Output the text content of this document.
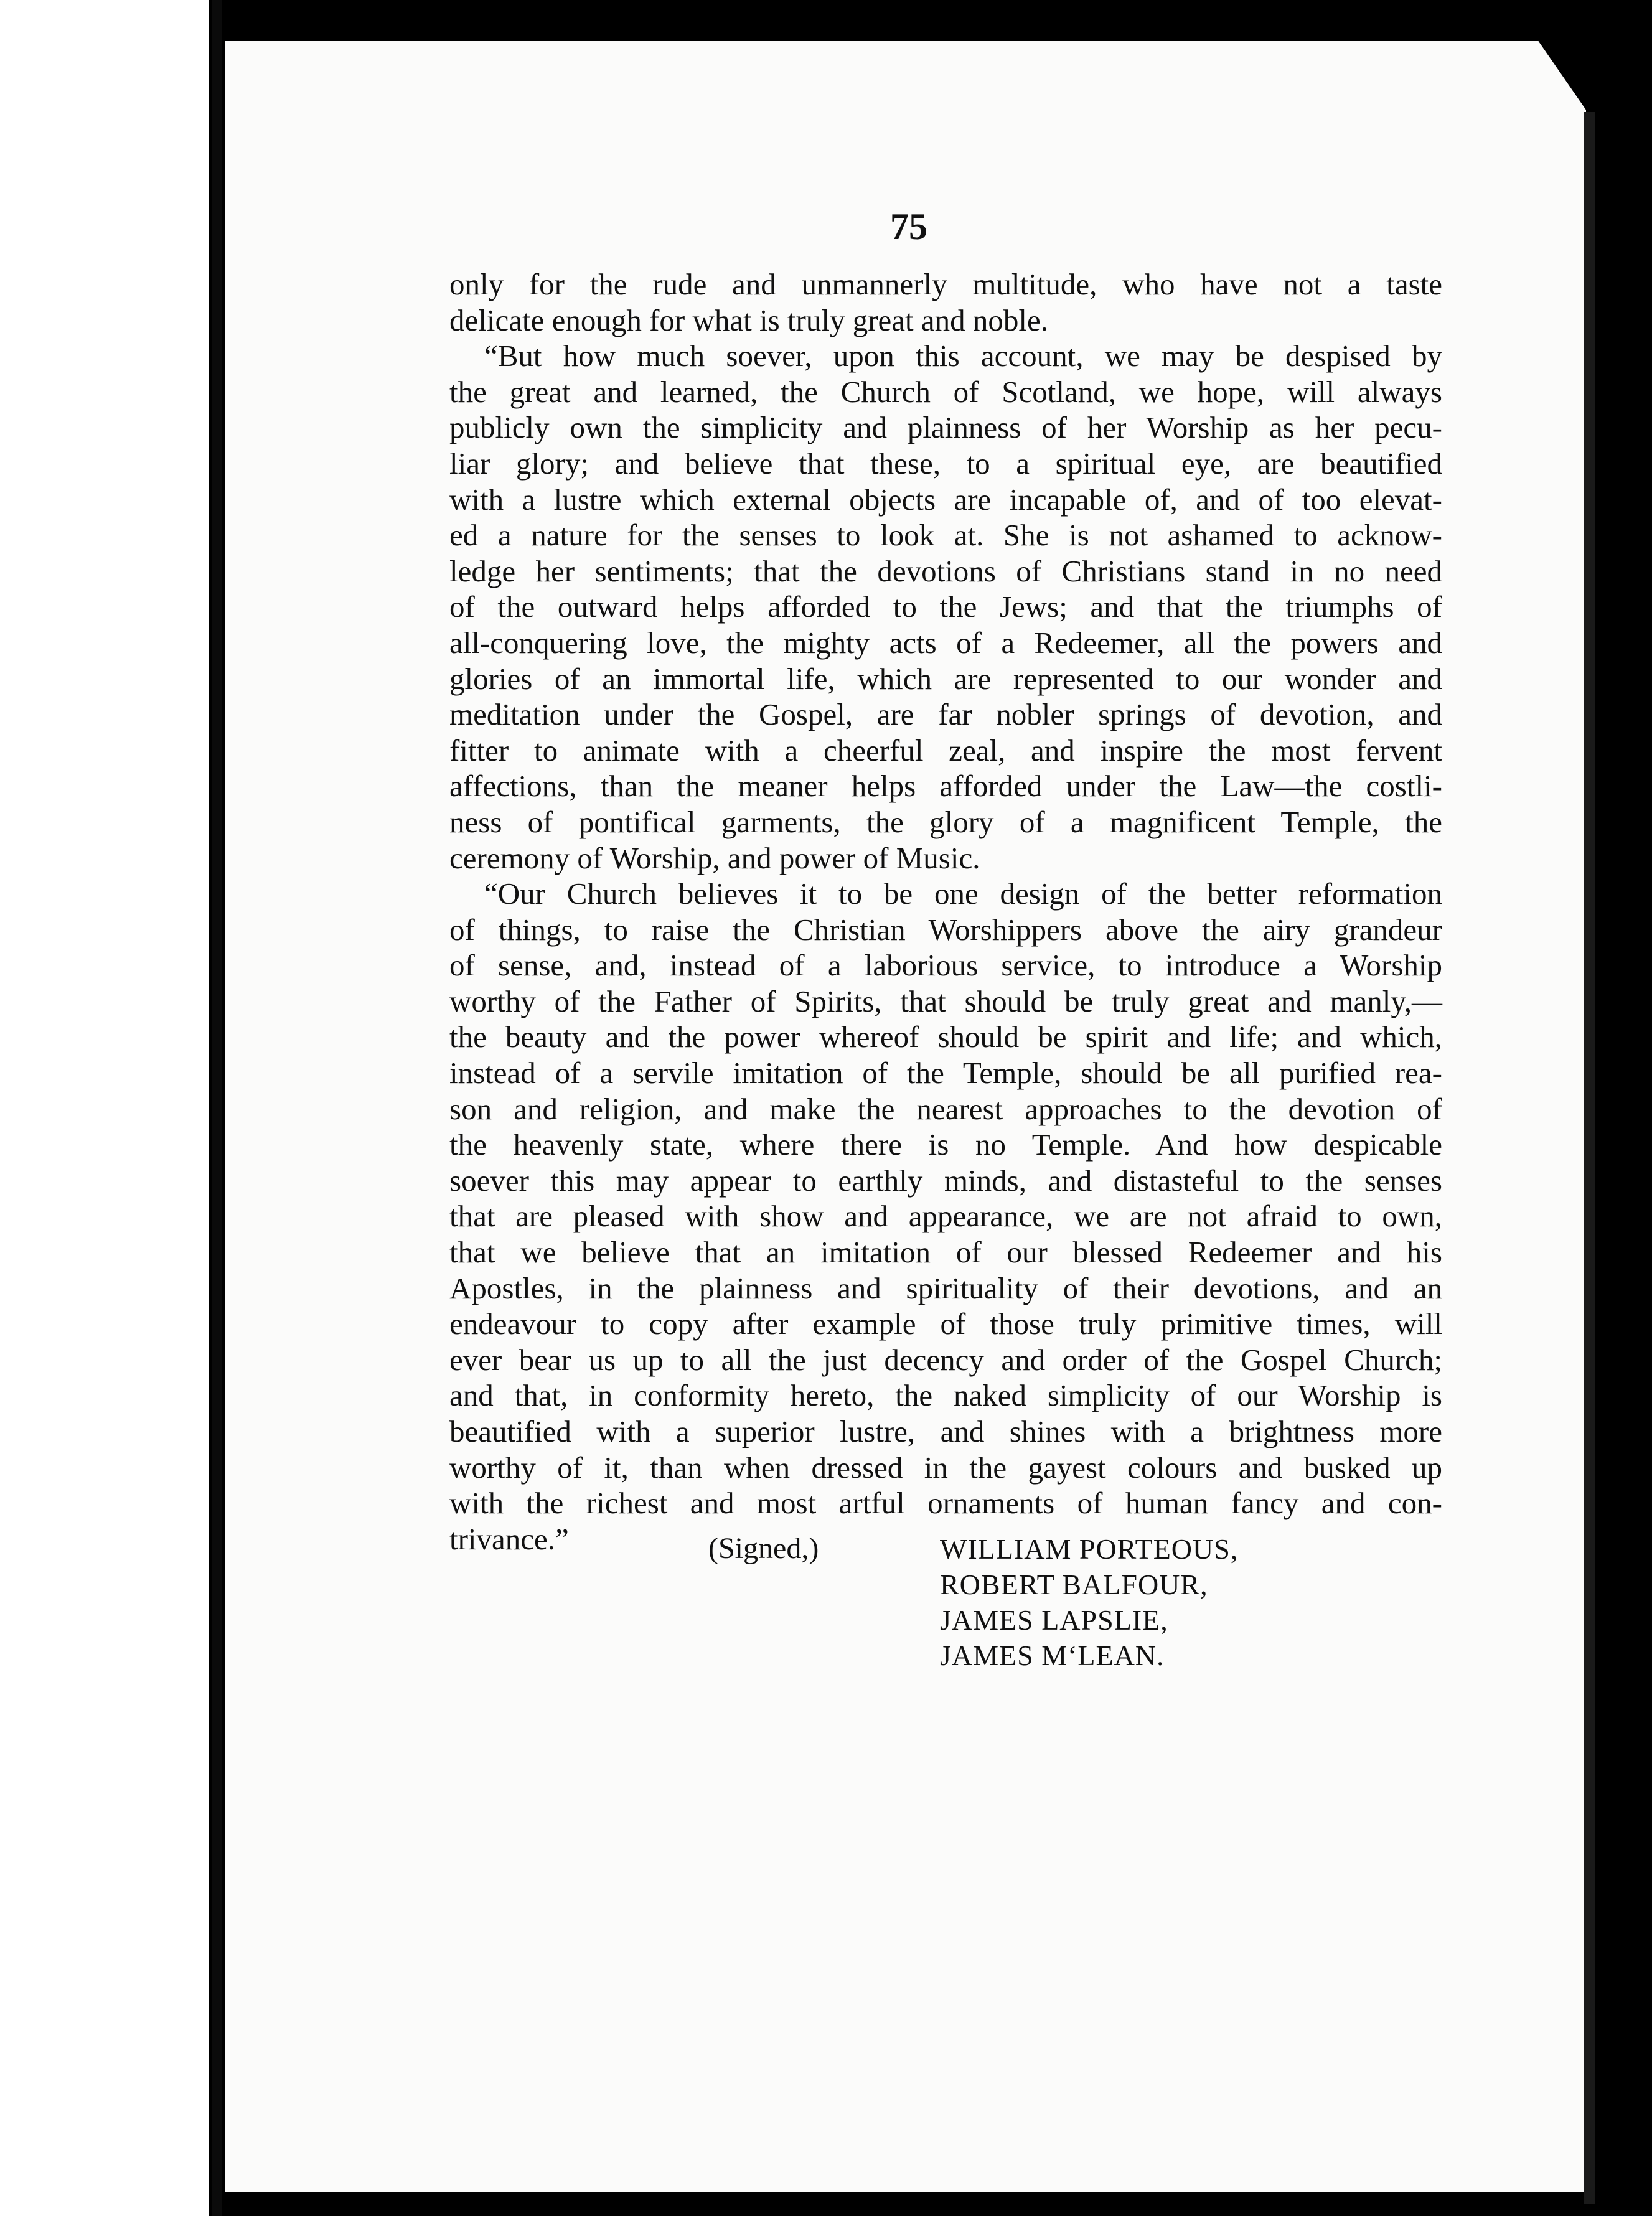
75
only for the rude and unmannerly multitude, who have not a taste
delicate enough for what is truly great and noble.
“But how much soever, upon this account, we may be despised by
the great and learned, the Church of Scotland, we hope, will always
publicly own the simplicity and plainness of her Worship as her pecu-
liar glory; and believe that these, to a spiritual eye, are beautified
with a lustre which external objects are incapable of, and of too elevat-
ed a nature for the senses to look at. She is not ashamed to acknow-
ledge her sentiments; that the devotions of Christians stand in no need
of the outward helps afforded to the Jews; and that the triumphs of
all-conquering love, the mighty acts of a Redeemer, all the powers and
glories of an immortal life, which are represented to our wonder and
meditation under the Gospel, are far nobler springs of devotion, and
fitter to animate with a cheerful zeal, and inspire the most fervent
affections, than the meaner helps afforded under the Law—the costli-
ness of pontifical garments, the glory of a magnificent Temple, the
ceremony of Worship, and power of Music.
“Our Church believes it to be one design of the better reformation
of things, to raise the Christian Worshippers above the airy grandeur
of sense, and, instead of a laborious service, to introduce a Worship
worthy of the Father of Spirits, that should be truly great and manly,—
the beauty and the power whereof should be spirit and life; and which,
instead of a servile imitation of the Temple, should be all purified rea-
son and religion, and make the nearest approaches to the devotion of
the heavenly state, where there is no Temple. And how despicable
soever this may appear to earthly minds, and distasteful to the senses
that are pleased with show and appearance, we are not afraid to own,
that we believe that an imitation of our blessed Redeemer and his
Apostles, in the plainness and spirituality of their devotions, and an
endeavour to copy after example of those truly primitive times, will
ever bear us up to all the just decency and order of the Gospel Church;
and that, in conformity hereto, the naked simplicity of our Worship is
beautified with a superior lustre, and shines with a brightness more
worthy of it, than when dressed in the gayest colours and busked up
with the richest and most artful ornaments of human fancy and con-
trivance.”	(Signed,)	WILLIAM PORTEOUS,
ROBERT BALFOUR,
JAMES LAPSLIE,
JAMES M‘LEAN.
